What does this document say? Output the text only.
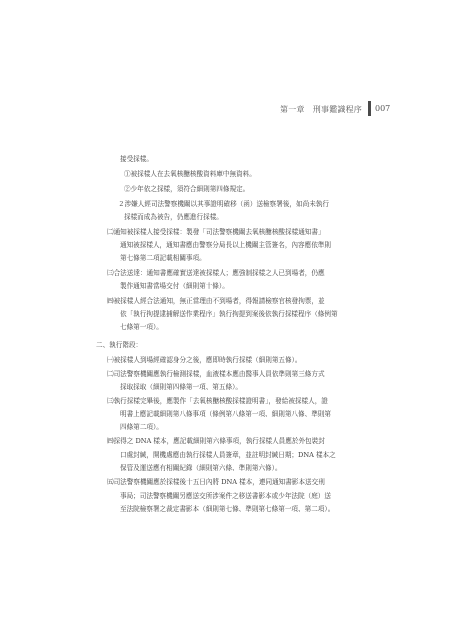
第一章　刑事鑑識程序 007
接受採樣。
①被採樣人在去氧核醣核酸資料庫中無資料。
②少年依之採樣，須符合細則第四條規定。
２涉嫌人經司法警察機關以其事證明確移（函）送檢察署後，如尚未執行
採樣而成為被告，仍應進行採樣。
㈡通知被採樣人接受採樣：製發「司法警察機關去氧核醣核酸採樣通知書」
通知被採樣人，通知書應由警察分局長以上機關主管簽名，內容應依準則
第七條第二項記載相關事項。
㈢合法送達：通知書應確實送達被採樣人；應強制採樣之人已到場者，仍應
製作通知書當場交付（細則第十條）。
㈣被採樣人經合法通知，無正當理由不到場者，得報請檢察官核發拘票，並
依「執行拘提逮捕解送作業程序」執行拘提到案後依執行採樣程序（條例第
七條第一項）。
二、執行階段：
㈠被採樣人到場經確認身分之後，應即時執行採樣（細則第五條）。
㈡司法警察機關應執行檢測採樣，血液樣本應由醫事人員依準則第三條方式
採取採取（細則第四條第一項、第五條）。
㈢執行採樣完畢後，應製作「去氧核醣核酸採樣證明書」，發給被採樣人，證
明書上應記載細則第八條事項（條例第八條第一項、細則第八條、準則第
四條第二項）。
㈣採得之 DNA 樣本，應記載細則第六條事項，執行採樣人員應於外包裝封
口處封緘，開機處應由執行採樣人員簽章，並註明封緘日期；DNA 樣本之
保管及運送應有相關紀錄（細則第六條、準則第六條）。
㈤司法警察機關應於採樣後十五日內將 DNA 樣本，連同通知書影本送交刑
事局；司法警察機關另應送交所涉案件之移送書影本或少年法院（庭）送
至法院檢察署之裁定書影本（細則第七條、準則第七條第一項、第二項）。
